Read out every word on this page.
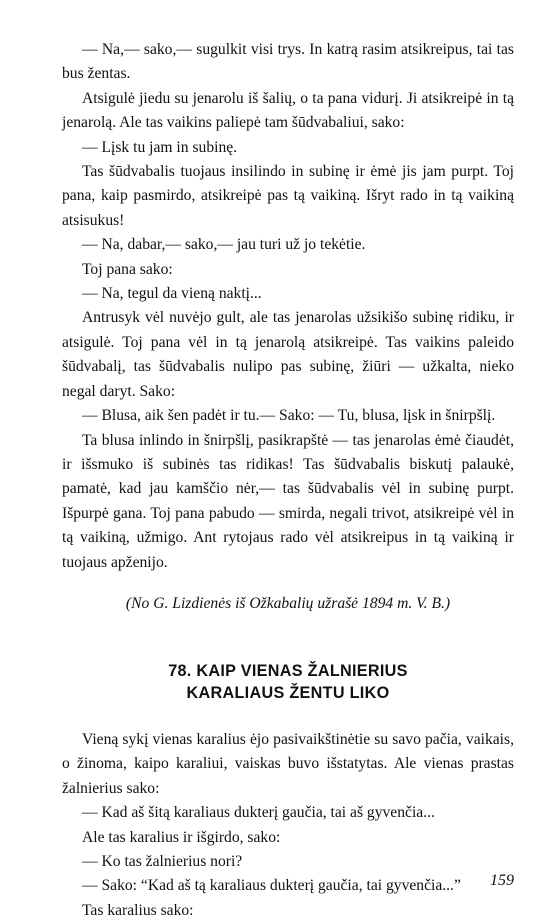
— Na,— sako,— sugulkit visi trys. In katrą rasim atsikreipus, tai tas bus žentas.

Atsigulė jiedu su jenarolu iš šalių, o ta pana vidurį. Ji atsikreipė in tą jenarolą. Ale tas vaikins paliepė tam šūdvabaliui, sako:

— Lįsk tu jam in subinę.

Tas šūdvabalis tuojaus insilindo in subinę ir ėmė jis jam purpt. Toj pana, kaip pasmirdo, atsikreipė pas tą vaikiną. Išryt rado in tą vaikiną atsisukus!

— Na, dabar,— sako,— jau turi už jo tekėtie.

Toj pana sako:

— Na, tegul da vieną naktį...

Antrusyk vėl nuvėjo gult, ale tas jenarolas užsikišo subinę ridiku, ir atsigulė. Toj pana vėl in tą jenarolą atsikreipė. Tas vaikins paleido šūdvabalį, tas šūdvabalis nulipo pas subinę, žiūri — užkalta, nieko negal daryt. Sako:

— Blusa, aik šen padėt ir tu.— Sako: — Tu, blusa, lįsk in šnirpšlį.

Ta blusa inlindo in šnirpšlį, pasikrapštė — tas jenarolas ėmė čiaudėt, ir išsmuko iš subinės tas ridikas! Tas šūdvabalis biskutį palaukė, pamatė, kad jau kamščio nėr,— tas šūdvabalis vėl in subinę purpt. Išpurpė gana. Toj pana pabudo — smirda, negali trivot, atsikreipė vėl in tą vaikiną, užmigo. Ant rytojaus rado vėl atsikreipus in tą vaikiną ir tuojaus apženijo.

(No G. Lizdienės iš Ožkabalių užrašė 1894 m. V. B.)

78. KAIP VIENAS ŽALNIERIUS
KARALIAUS ŽENTU LIKO

Vieną sykį vienas karalius ėjo pasivaikštinėtie su savo pačia, vaikais, o žinoma, kaipo karaliui, vaiskas buvo išstatytas. Ale vienas prastas žalnierius sako:

— Kad aš šitą karaliaus dukterį gaučia, tai aš gyvenčia...

Ale tas karalius ir išgirdo, sako:

— Ko tas žalnierius nori?

— Sako: “Kad aš tą karaliaus dukterį gaučia, tai gyvenčia...”

Tas karalius sako:

159
